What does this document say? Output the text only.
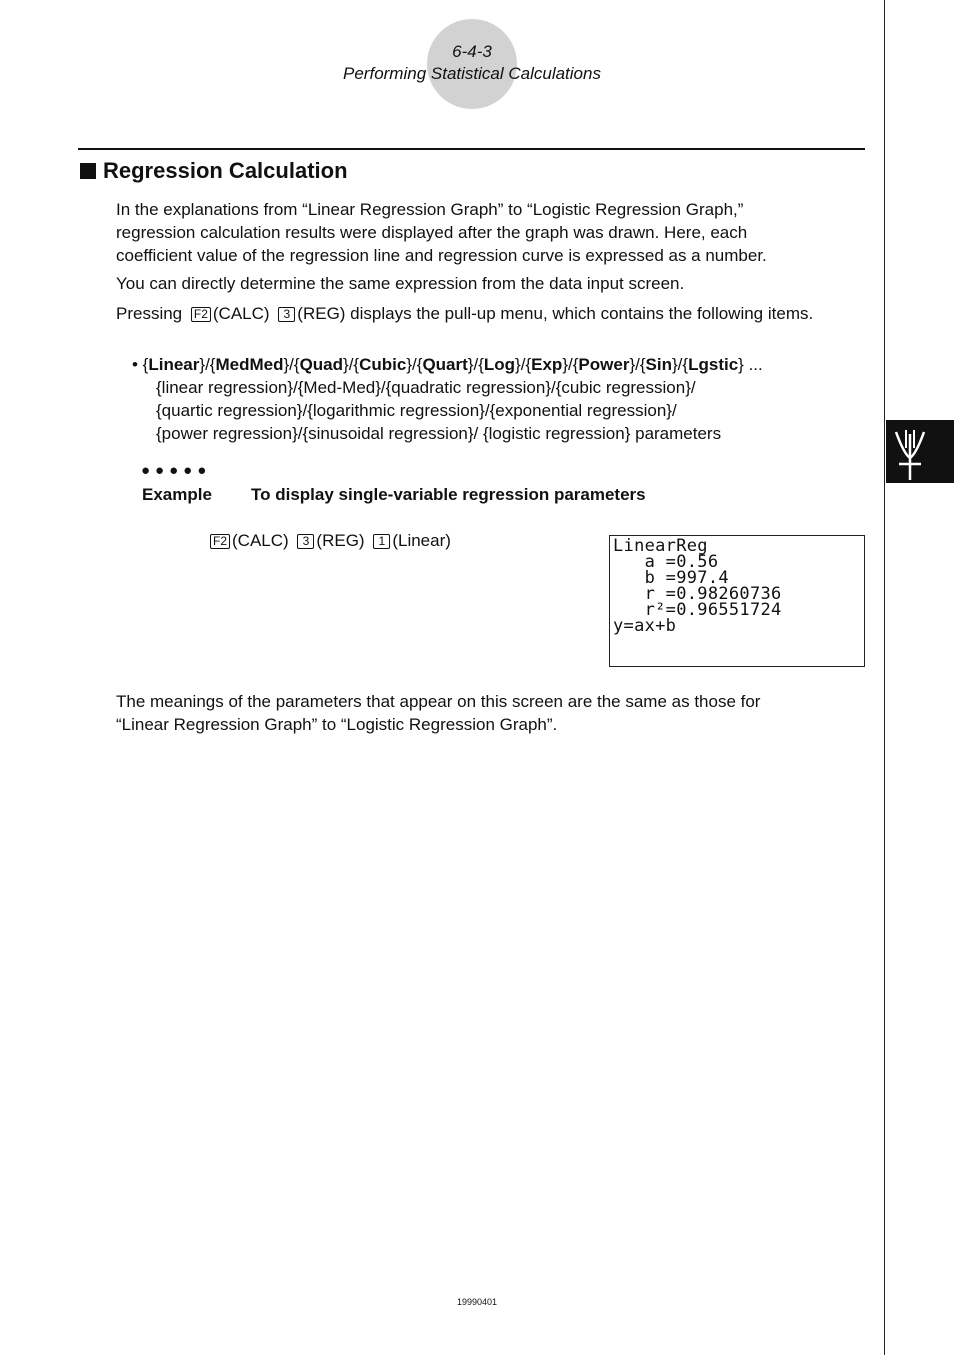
6-4-3
Performing Statistical Calculations
Regression Calculation
In the explanations from “Linear Regression Graph” to “Logistic Regression Graph,”
regression calculation results were displayed after the graph was drawn. Here, each
coefficient value of the regression line and regression curve is expressed as a number.
You can directly determine the same expression from the data input screen.
Pressing F2 (CALC) 3 (REG) displays the pull-up menu, which contains the following items.
• {Linear}/{MedMed}/{Quad}/{Cubic}/{Quart}/{Log}/{Exp}/{Power}/{Sin}/{Lgstic} ...
{linear regression}/{Med-Med}/{quadratic regression}/{cubic regression}/
{quartic regression}/{logarithmic regression}/{exponential regression}/
{power regression}/{sinusoidal regression}/ {logistic regression} parameters
●●●●●
Example To display single-variable regression parameters
F2 (CALC) 3 (REG) 1 (Linear)	LinearReg
a =0.56
b =997.4
r =0.98260736
r²=0.96551724
y=ax+b
The meanings of the parameters that appear on this screen are the same as those for
“Linear Regression Graph” to “Logistic Regression Graph”.
19990401
